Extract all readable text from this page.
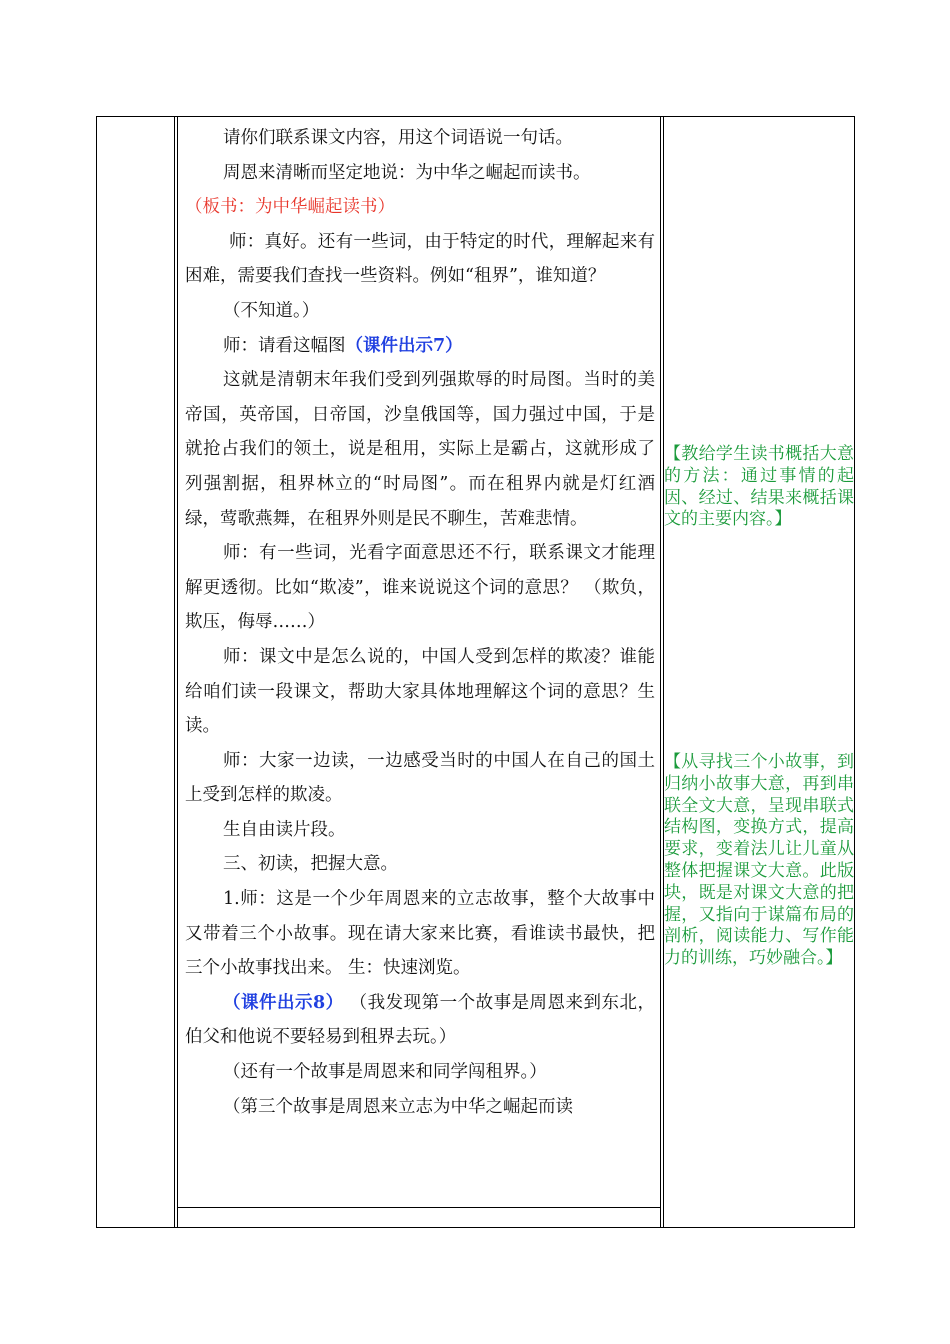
请你们联系课文内容，用这个词语说一句话。

周恩来清晰而坚定地说：为中华之崛起而读书。

（板书：为中华崛起读书）

师：真好。还有一些词，由于特定的时代，理解起来有困难，需要我们查找一些资料。例如“租界”，谁知道？

（不知道。）

师：请看这幅图（课件出示7）

这就是清朝末年我们受到列强欺辱的时局图。当时的美帝国，英帝国，日帝国，沙皇俄国等，国力强过中国，于是就抢占我们的领土，说是租用，实际上是霸占，这就形成了列强割据，租界林立的“时局图”。而在租界内就是灯红酒绿，莺歌燕舞，在租界外则是民不聊生，苦难悲情。

师：有一些词，光看字面意思还不行，联系课文才能理解更透彻。比如“欺凌”，谁来说说这个词的意思？ （欺负，欺压，侮辱……）

师：课文中是怎么说的，中国人受到怎样的欺凌？谁能给咱们读一段课文，帮助大家具体地理解这个词的意思？生读。

师：大家一边读，一边感受当时的中国人在自己的国土上受到怎样的欺凌。

生自由读片段。

三、初读，把握大意。

1.师：这是一个少年周恩来的立志故事，整个大故事中又带着三个小故事。现在请大家来比赛，看谁读书最快，把三个小故事找出来。 生：快速浏览。

（课件出示8） （我发现第一个故事是周恩来到东北，伯父和他说不要轻易到租界去玩。）

（还有一个故事是周恩来和同学闯租界。）

（第三个故事是周恩来立志为中华之崛起而读

【教给学生读书概括大意的方法：通过事情的起因、经过、结果来概括课文的主要内容。】
【从寻找三个小故事，到归纳小故事大意，再到串联全文大意，呈现串联式结构图，变换方式，提高要求，变着法儿让儿童从整体把握课文大意。此版块，既是对课文大意的把握，又指向于谋篇布局的剖析，阅读能力、写作能力的训练，巧妙融合。】
